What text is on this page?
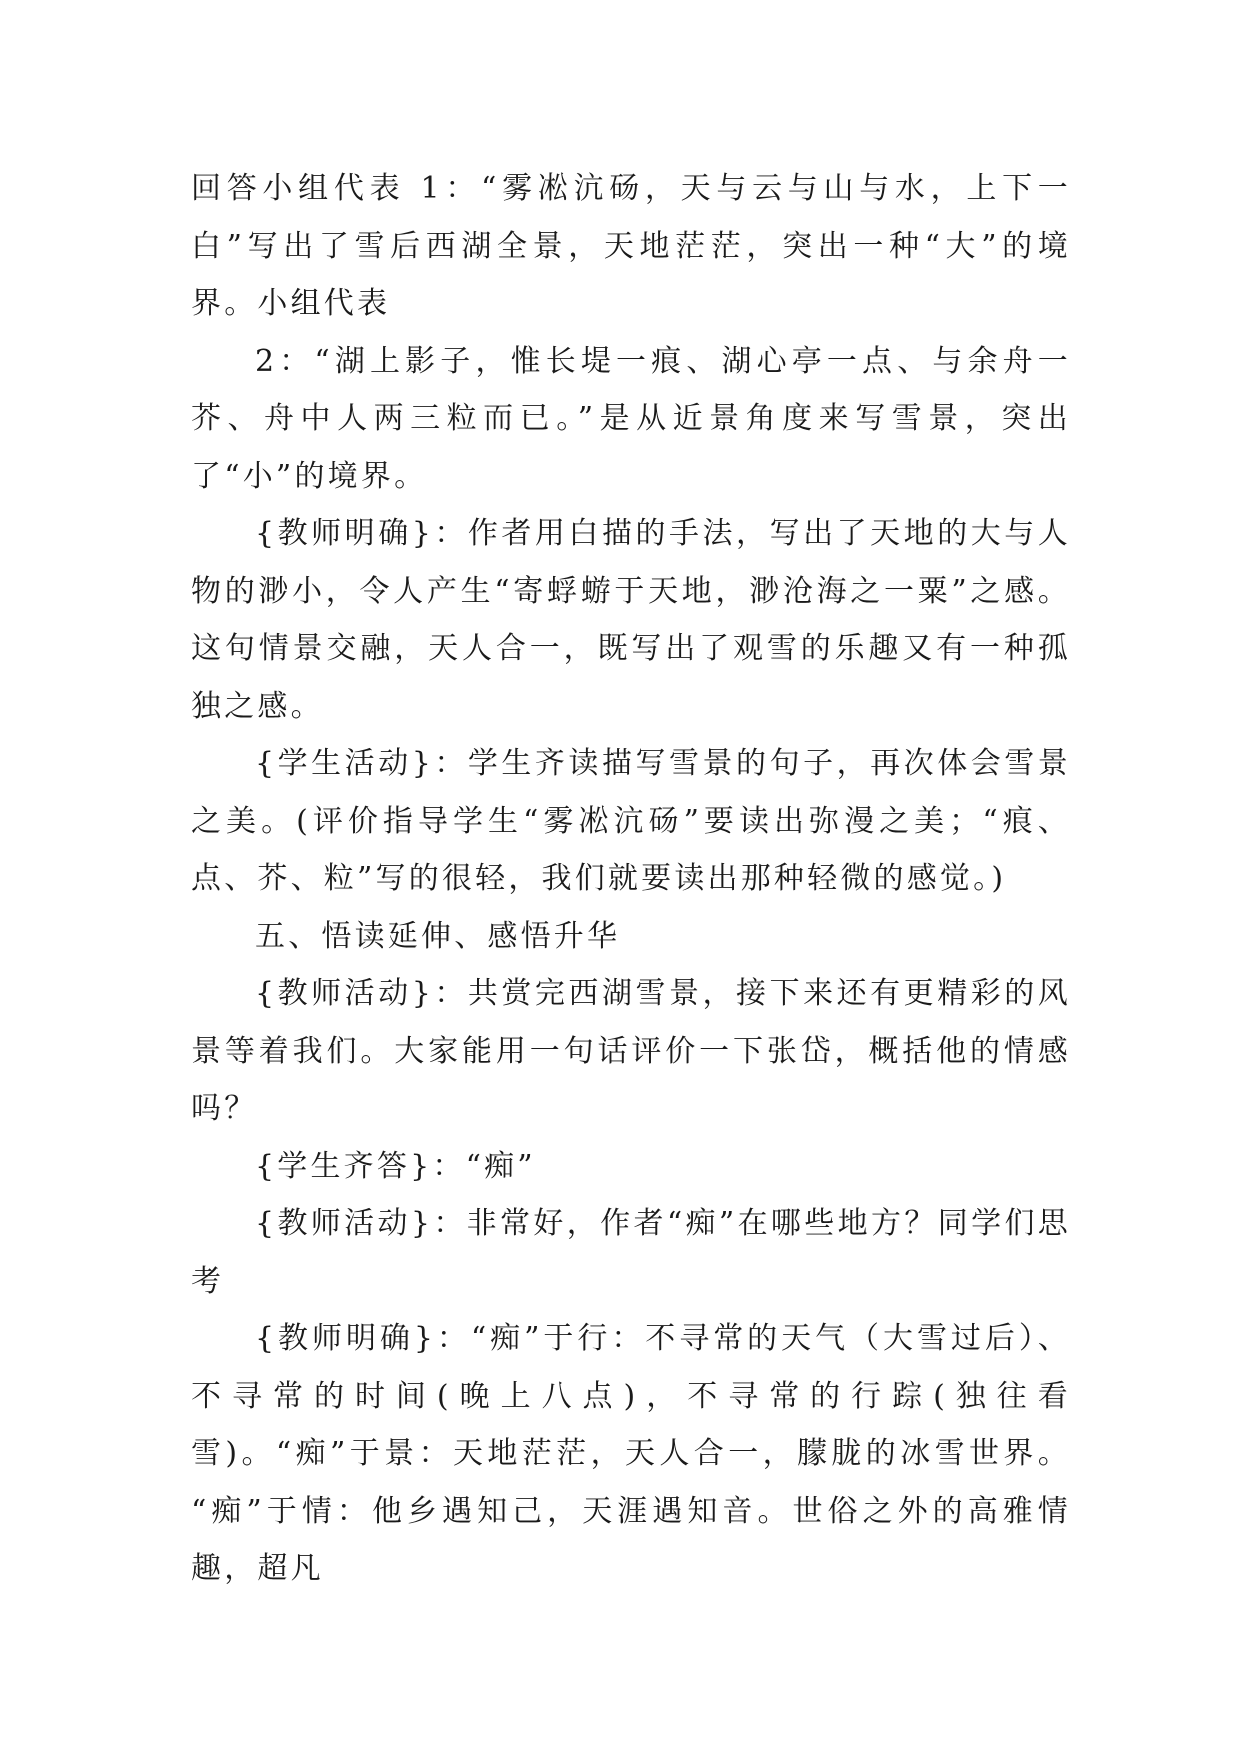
回答小组代表 1：“雾凇沆砀，天与云与山与水，上下一白”写出了雪后西湖全景，天地茫茫，突出一种“大”的境界。小组代表

2：“湖上影子，惟长堤一痕、湖心亭一点、与余舟一芥、舟中人两三粒而已。”是从近景角度来写雪景，突出了“小”的境界。

{教师明确}：作者用白描的手法，写出了天地的大与人物的渺小，令人产生“寄蜉蝣于天地，渺沧海之一粟”之感。这句情景交融，天人合一，既写出了观雪的乐趣又有一种孤独之感。

{学生活动}：学生齐读描写雪景的句子，再次体会雪景之美。(评价指导学生“雾凇沆砀”要读出弥漫之美；“痕、点、芥、粒”写的很轻，我们就要读出那种轻微的感觉。)

五、悟读延伸、感悟升华

{教师活动}：共赏完西湖雪景，接下来还有更精彩的风景等着我们。大家能用一句话评价一下张岱，概括他的情感吗？

{学生齐答}：“痴”

{教师活动}：非常好，作者“痴”在哪些地方？同学们思考

{教师明确}：“痴”于行：不寻常的天气（大雪过后）、不寻常的时间(晚上八点)，不寻常的行踪(独往看雪)。“痴”于景：天地茫茫，天人合一，朦胧的冰雪世界。 “痴”于情：他乡遇知己，天涯遇知音。世俗之外的高雅情趣，超凡
